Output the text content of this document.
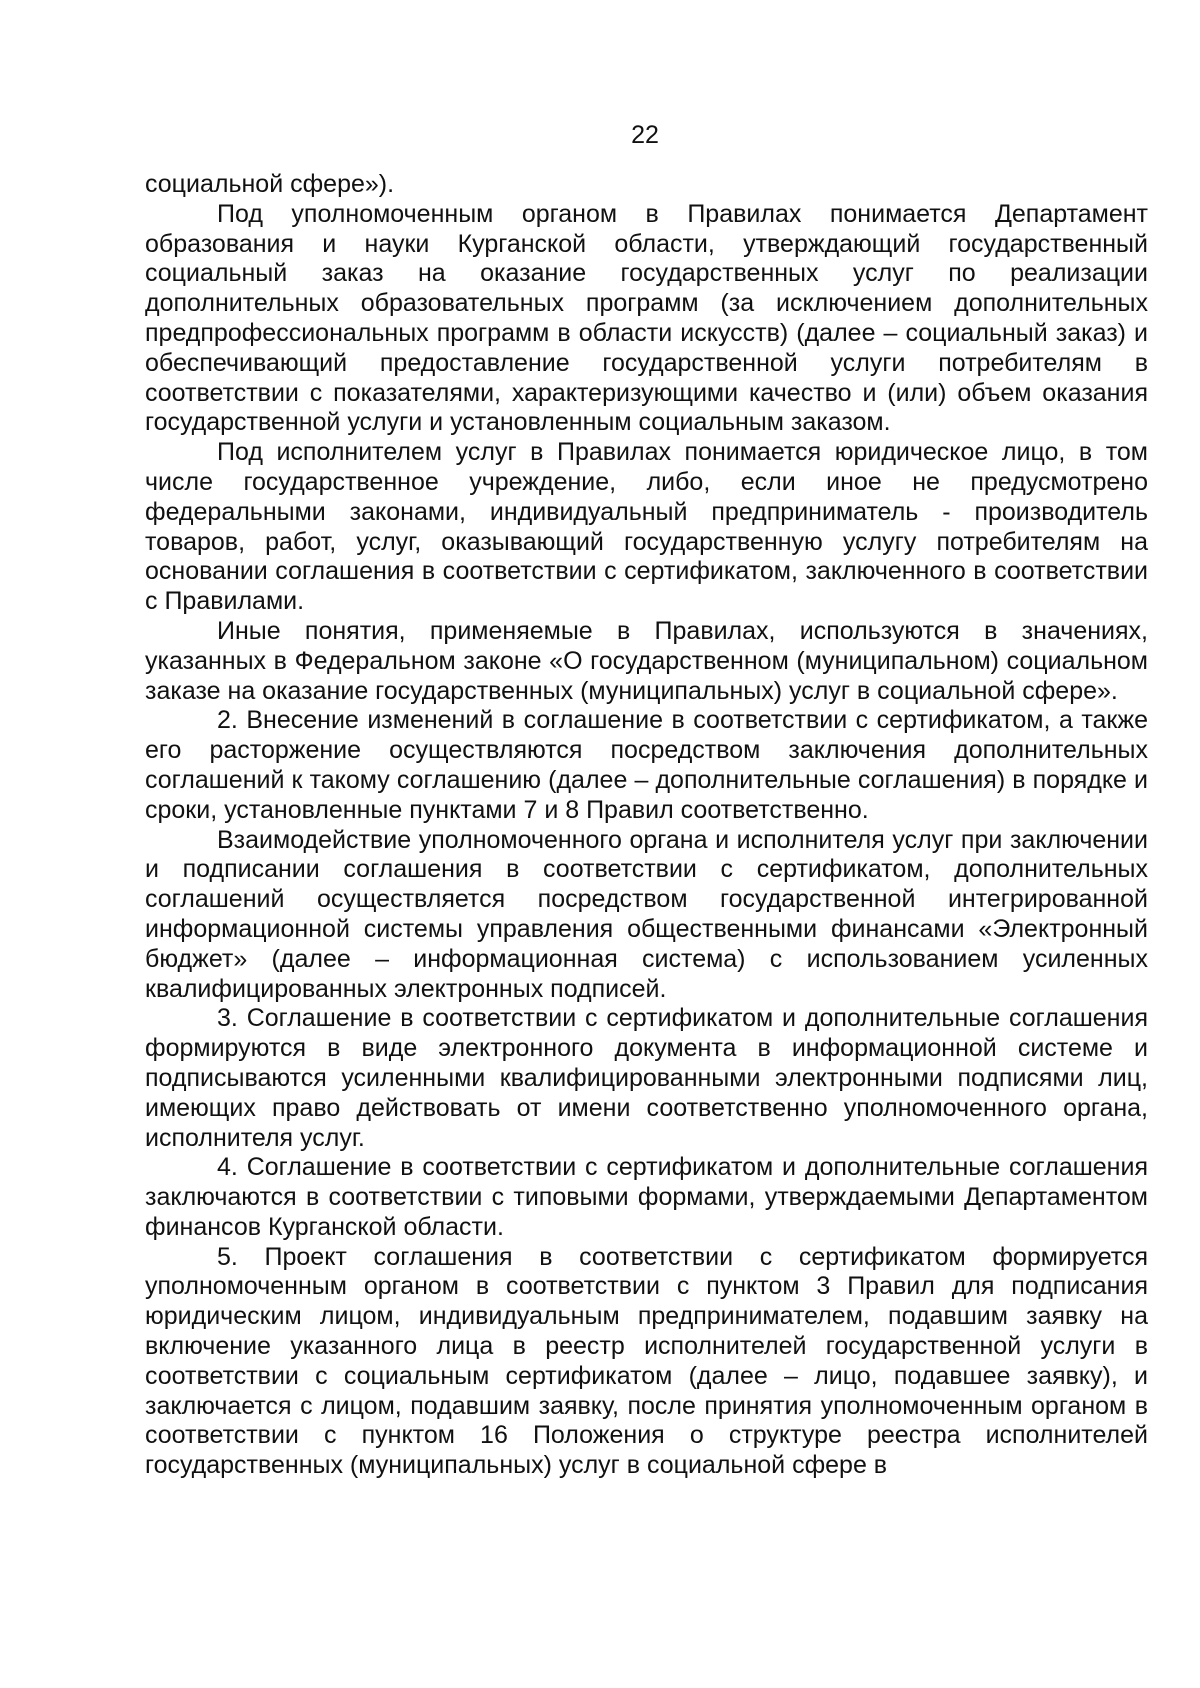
22

социальной сфере»).

Под уполномоченным органом в Правилах понимается Департамент образования и науки Курганской области, утверждающий государственный социальный заказ на оказание государственных услуг по реализации дополнительных образовательных программ (за исключением дополнительных предпрофессиональных программ в области искусств) (далее – социальный заказ) и обеспечивающий предоставление государственной услуги потребителям в соответствии с показателями, характеризующими качество и (или) объем оказания государственной услуги и установленным социальным заказом.

Под исполнителем услуг в Правилах понимается юридическое лицо, в том числе государственное учреждение, либо, если иное не предусмотрено федеральными законами, индивидуальный предприниматель - производитель товаров, работ, услуг, оказывающий государственную услугу потребителям на основании соглашения в соответствии с сертификатом, заключенного в соответствии с Правилами.

Иные понятия, применяемые в Правилах, используются в значениях, указанных в Федеральном законе «О государственном (муниципальном) социальном заказе на оказание государственных (муниципальных) услуг в социальной сфере».

2. Внесение изменений в соглашение в соответствии с сертификатом, а также его расторжение осуществляются посредством заключения дополнительных соглашений к такому соглашению (далее – дополнительные соглашения) в порядке и сроки, установленные пунктами 7 и 8 Правил соответственно.

Взаимодействие уполномоченного органа и исполнителя услуг при заключении и подписании соглашения в соответствии с сертификатом, дополнительных соглашений осуществляется посредством государственной интегрированной информационной системы управления общественными финансами «Электронный бюджет» (далее – информационная система) с использованием усиленных квалифицированных электронных подписей.

3. Соглашение в соответствии с сертификатом и дополнительные соглашения формируются в виде электронного документа в информационной системе и подписываются усиленными квалифицированными электронными подписями лиц, имеющих право действовать от имени соответственно уполномоченного органа, исполнителя услуг.

4. Соглашение в соответствии с сертификатом и дополнительные соглашения заключаются в соответствии с типовыми формами, утверждаемыми Департаментом финансов Курганской области.

5. Проект соглашения в соответствии с сертификатом формируется уполномоченным органом в соответствии с пунктом 3 Правил для подписания юридическим лицом, индивидуальным предпринимателем, подавшим заявку на включение указанного лица в реестр исполнителей государственной услуги в соответствии с социальным сертификатом (далее – лицо, подавшее заявку), и заключается с лицом, подавшим заявку, после принятия уполномоченным органом в соответствии с пунктом 16 Положения о структуре реестра исполнителей государственных (муниципальных) услуг в социальной сфере в
